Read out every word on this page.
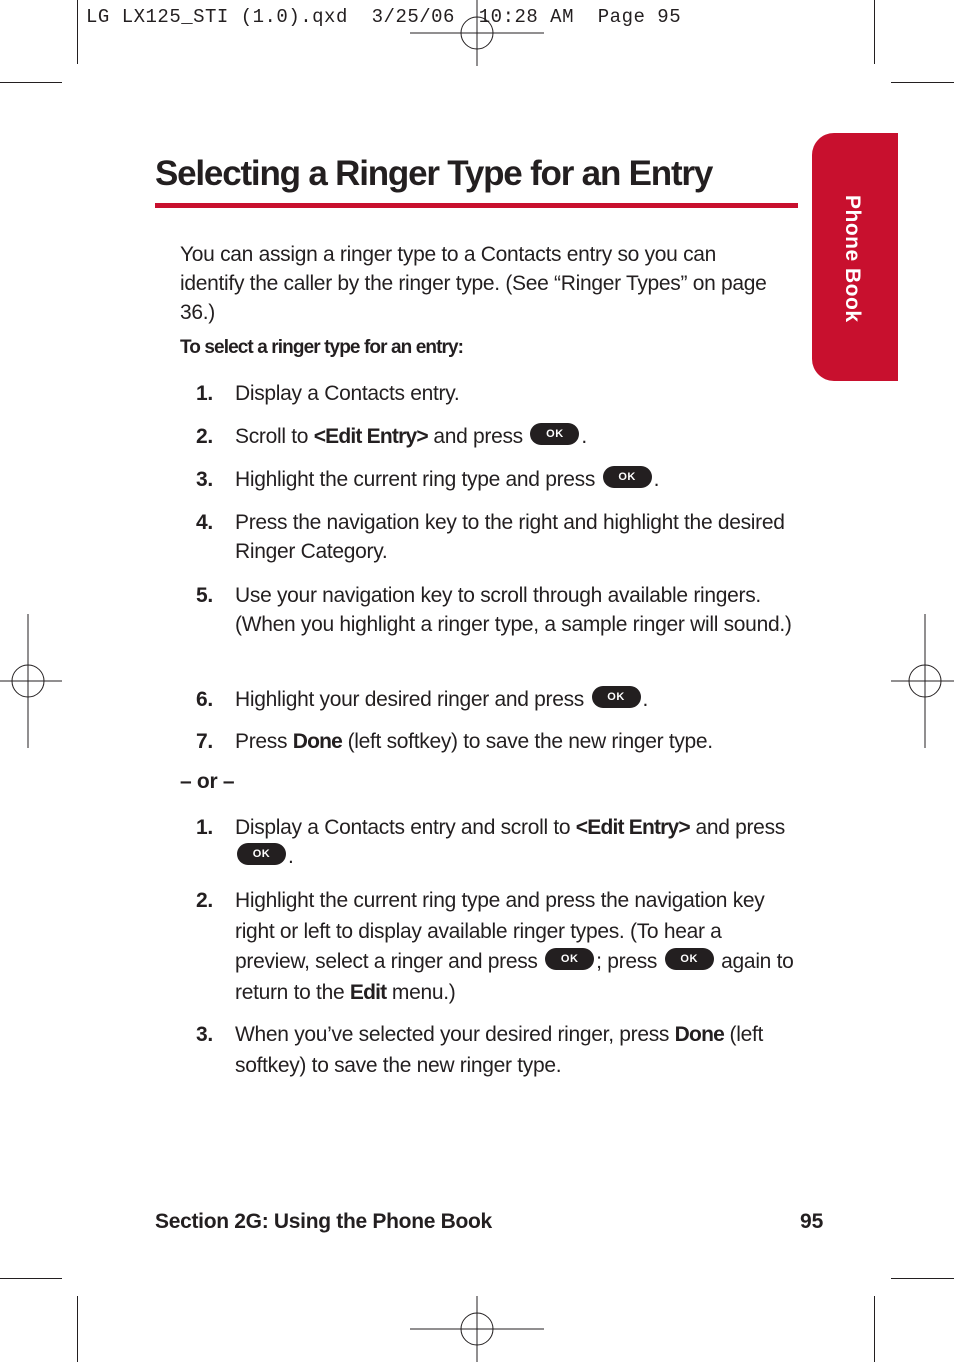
LG LX125_STI (1.0).qxd  3/25/06  10:28 AM  Page 95
Selecting a Ringer Type for an Entry
Phone Book
You can assign a ringer type to a Contacts entry so you can identify the caller by the ringer type. (See “Ringer Types” on page 36.)
To select a ringer type for an entry:
1.	Display a Contacts entry.
2.	Scroll to <Edit Entry> and press OK .
3.	Highlight the current ring type and press OK .
4.	Press the navigation key to the right and highlight the desired Ringer Category.
5.	Use your navigation key to scroll through available ringers. (When you highlight a ringer type, a sample ringer will sound.)
6.	Highlight your desired ringer and press OK .
7.	Press Done (left softkey) to save the new ringer type.
– or –
1.	Display a Contacts entry and scroll to <Edit Entry> and press OK .
2.	Highlight the current ring type and press the navigation key right or left to display available ringer types. (To hear a preview, select a ringer and press OK ; press OK again to return to the Edit menu.)
3.	When you’ve selected your desired ringer, press Done (left softkey) to save the new ringer type.
Section 2G: Using the Phone Book	95
